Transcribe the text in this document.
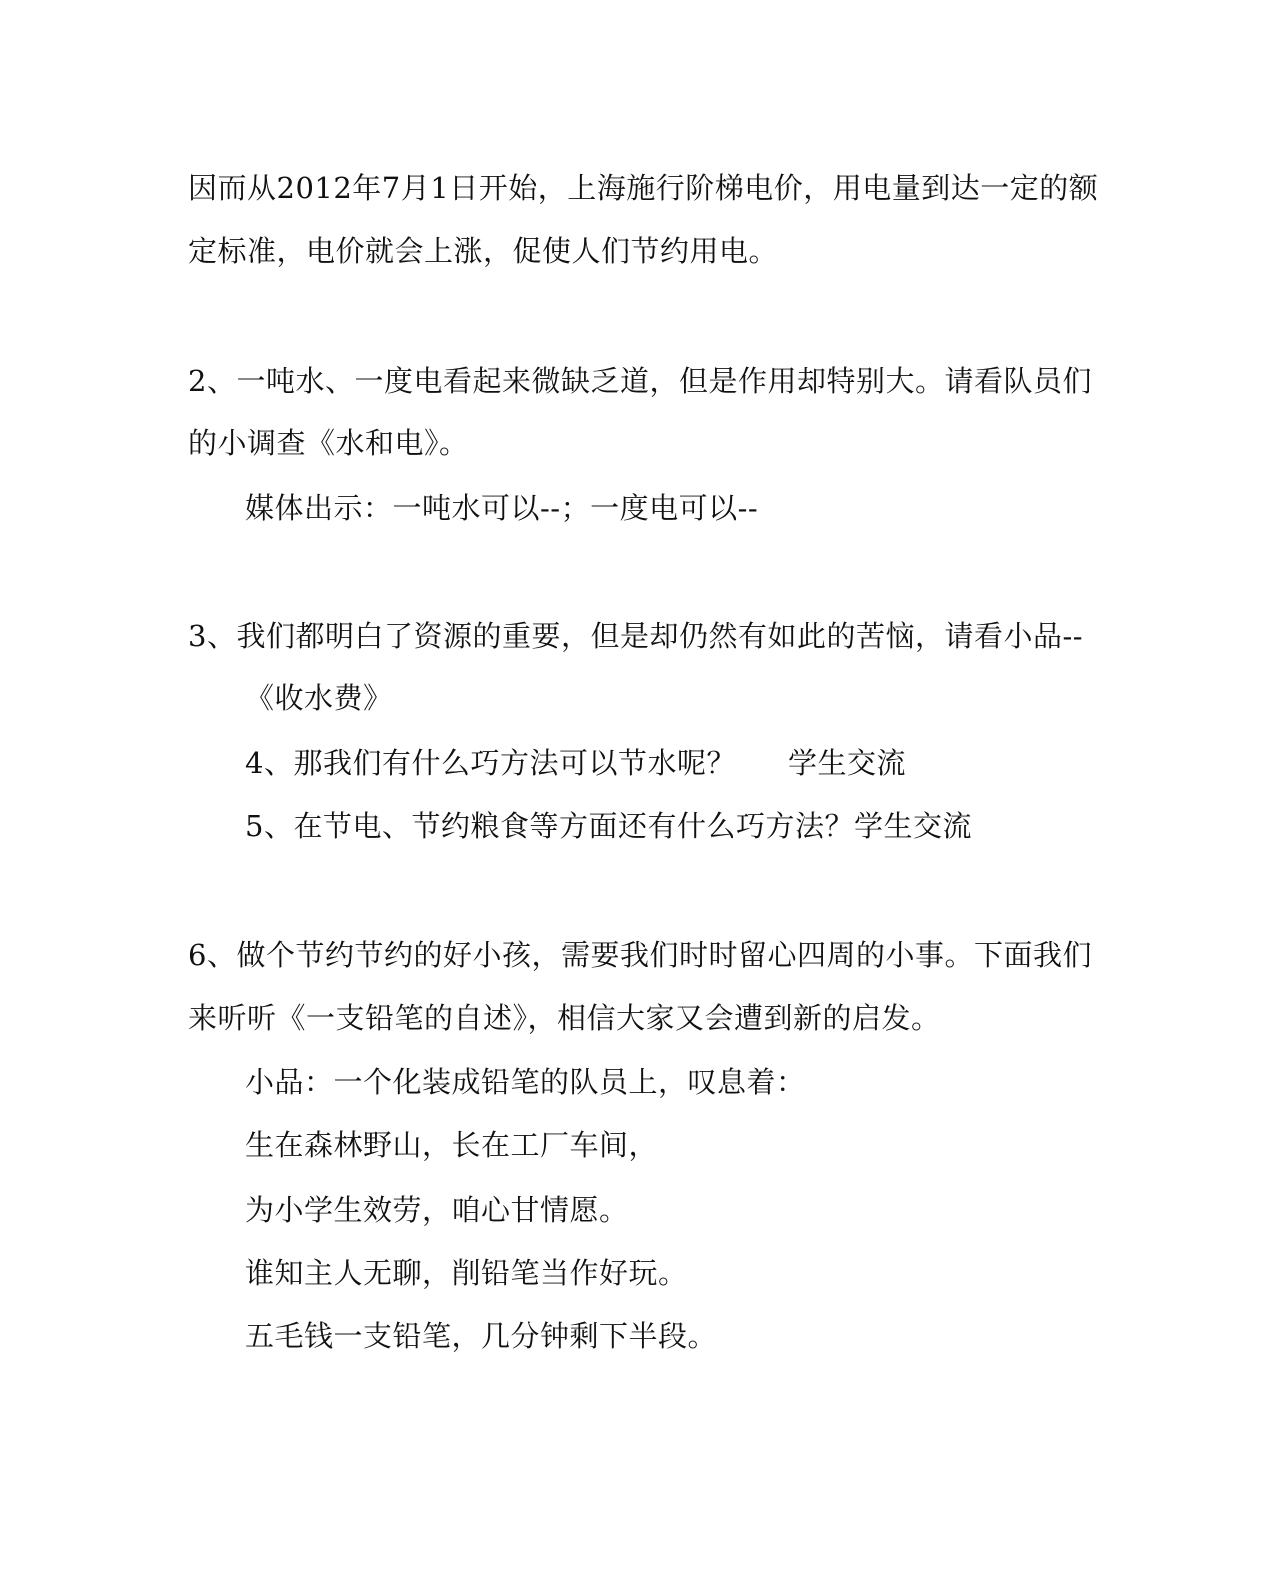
因而从2012年7月1日开始，上海施行阶梯电价，用电量到达一定的额
定标准，电价就会上涨，促使人们节约用电。
2、一吨水、一度电看起来微缺乏道，但是作用却特别大。请看队员们
的小调查《水和电》。
媒体出示：一吨水可以--；一度电可以--
3、我们都明白了资源的重要，但是却仍然有如此的苦恼，请看小品--
《收水费》
4、那我们有什么巧方法可以节水呢？ 学生交流
5、在节电、节约粮食等方面还有什么巧方法？学生交流
6、做个节约节约的好小孩，需要我们时时留心四周的小事。下面我们
来听听《一支铅笔的自述》，相信大家又会遭到新的启发。
小品：一个化装成铅笔的队员上，叹息着：
生在森林野山，长在工厂车间，
为小学生效劳，咱心甘情愿。
谁知主人无聊，削铅笔当作好玩。
五毛钱一支铅笔，几分钟剩下半段。
